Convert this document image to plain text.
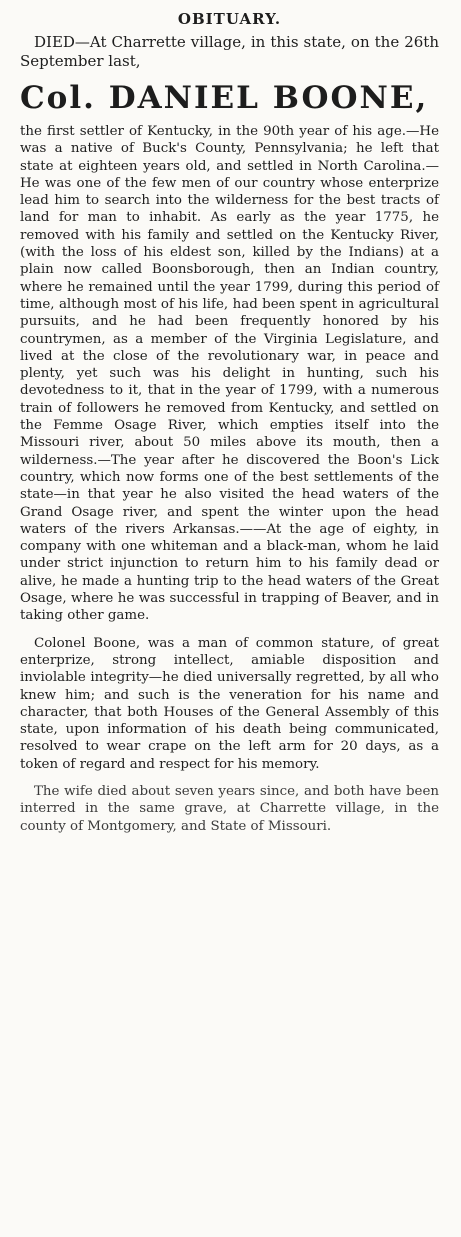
OBITUARY.

DIED—At Charrette village, in this state, on the 26th September last,

Col. DANIEL BOONE,

the first settler of Kentucky, in the 90th year of his age.—He was a native of Buck's County, Pennsylvania; he left that state at eighteen years old, and settled in North Carolina.—He was one of the few men of our country whose enterprize lead him to search into the wilderness for the best tracts of land for man to inhabit. As early as the year 1775, he removed with his family and settled on the Kentucky River, (with the loss of his eldest son, killed by the Indians) at a plain now called Boonsborough, then an Indian country, where he remained until the year 1799, during this period of time, although most of his life, had been spent in agricultural pursuits, and he had been frequently honored by his countrymen, as a member of the Virginia Legislature, and lived at the close of the revolutionary war, in peace and plenty, yet such was his delight in hunting, such his devotedness to it, that in the year of 1799, with a numerous train of followers he removed from Kentucky, and settled on the Femme Osage River, which empties itself into the Missouri river, about 50 miles above its mouth, then a wilderness.—The year after he discovered the Boon's Lick country, which now forms one of the best settlements of the state—in that year he also visited the head waters of the Grand Osage river, and spent the winter upon the head waters of the rivers Arkansas.——At the age of eighty, in company with one whiteman and a black-man, whom he laid under strict injunction to return him to his family dead or alive, he made a hunting trip to the head waters of the Great Osage, where he was successful in trapping of Beaver, and in taking other game.

Colonel Boone, was a man of common stature, of great enterprize, strong intellect, amiable disposition and inviolable integrity—he died universally regretted, by all who knew him; and such is the veneration for his name and character, that both Houses of the General Assembly of this state, upon information of his death being communicated, resolved to wear crape on the left arm for 20 days, as a token of regard and respect for his memory.

The wife died about seven years since, and both have been interred in the same grave, at Charrette village, in the county of Montgomery, and State of Missouri.
